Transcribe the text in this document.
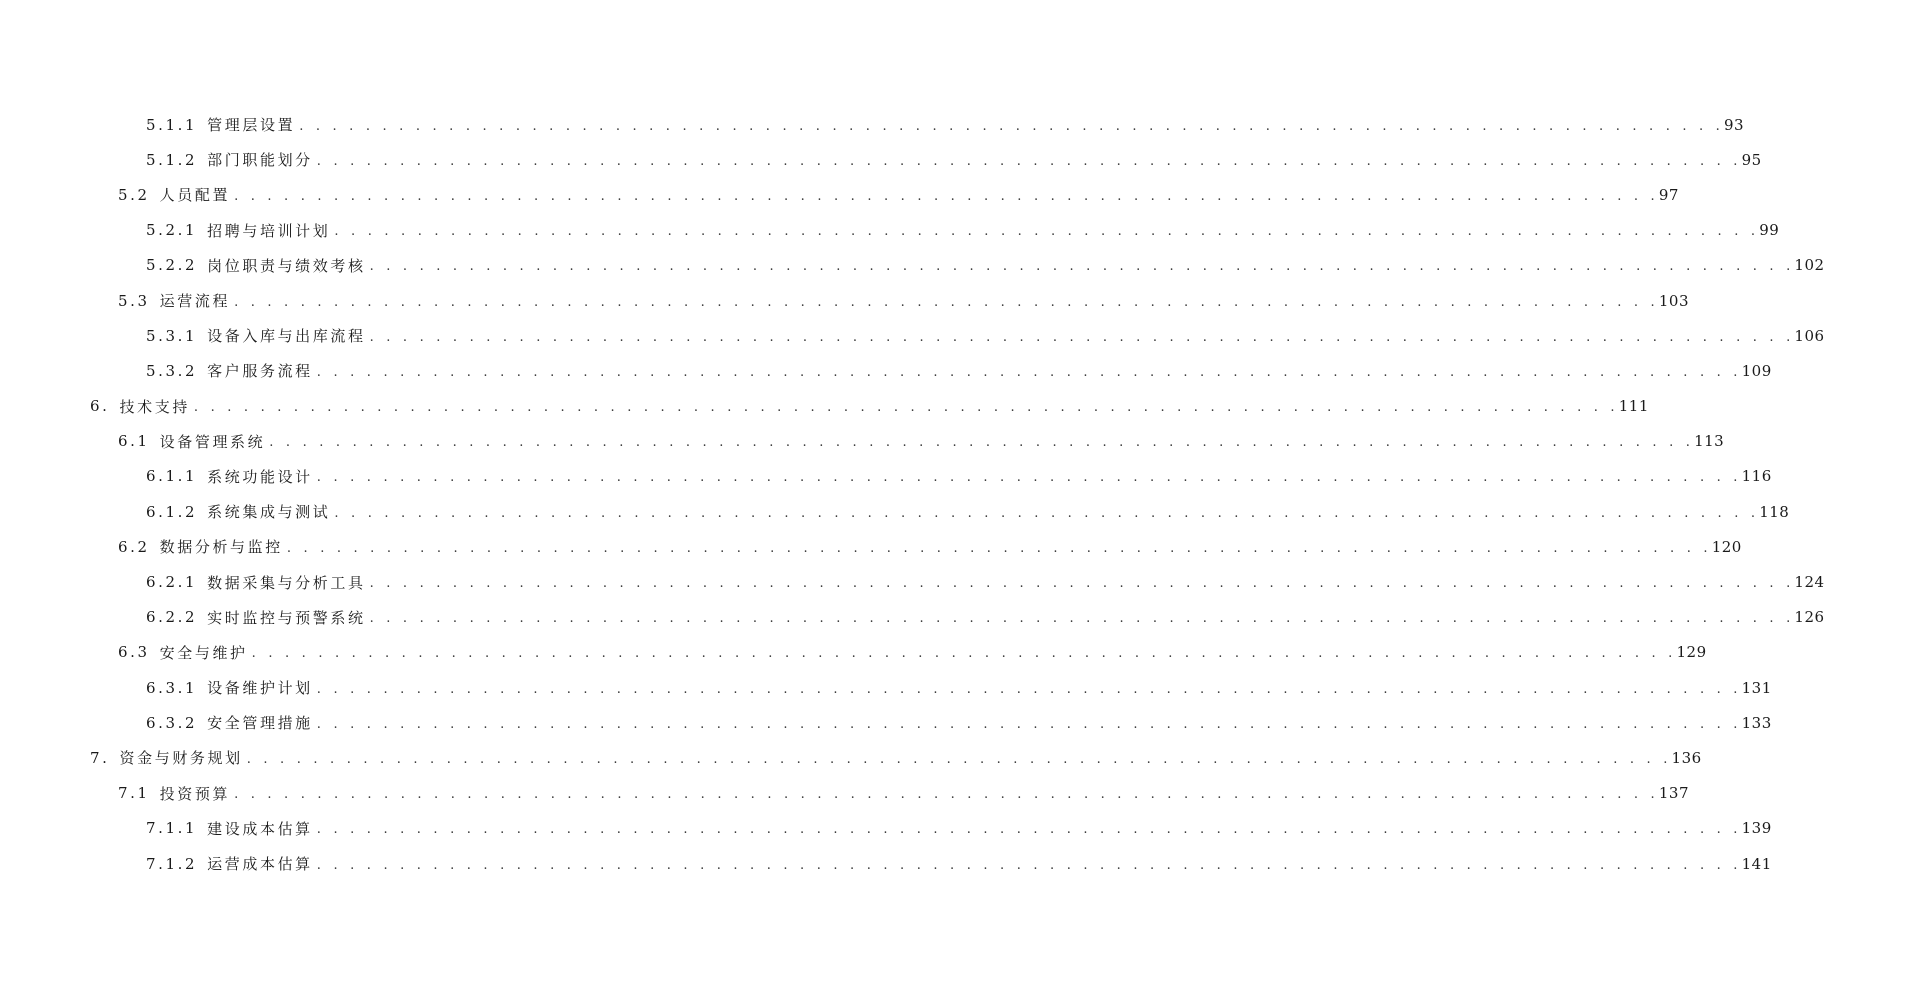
5.1.1 管理层设置 . . . . . . . . . . . . . . . . . . . . . . . . . . . . . . . . . . . . . . . . . . . . . . . . . . . . . . . . . . . . . . . . . . . . . . . . . . . . . . . . . . . . . . 93
5.1.2 部门职能划分 . . . . . . . . . . . . . . . . . . . . . . . . . . . . . . . . . . . . . . . . . . . . . . . . . . . . . . . . . . . . . . . . . . . . . . . . . . . . . . . . . . . . . . 95
5.2 人员配置 . . . . . . . . . . . . . . . . . . . . . . . . . . . . . . . . . . . . . . . . . . . . . . . . . . . . . . . . . . . . . . . . . . . . . . . . . . . . . . . . . . . . . . 97
5.2.1 招聘与培训计划 . . . . . . . . . . . . . . . . . . . . . . . . . . . . . . . . . . . . . . . . . . . . . . . . . . . . . . . . . . . . . . . . . . . . . . . . . . . . . . . . . . . . . . 99
5.2.2 岗位职责与绩效考核 . . . . . . . . . . . . . . . . . . . . . . . . . . . . . . . . . . . . . . . . . . . . . . . . . . . . . . . . . . . . . . . . . . . . . . . . . . . . . . . . . . . . . . 102
5.3 运营流程 . . . . . . . . . . . . . . . . . . . . . . . . . . . . . . . . . . . . . . . . . . . . . . . . . . . . . . . . . . . . . . . . . . . . . . . . . . . . . . . . . . . . . . 103
5.3.1 设备入库与出库流程 . . . . . . . . . . . . . . . . . . . . . . . . . . . . . . . . . . . . . . . . . . . . . . . . . . . . . . . . . . . . . . . . . . . . . . . . . . . . . . . . . . . . . . 106
5.3.2 客户服务流程 . . . . . . . . . . . . . . . . . . . . . . . . . . . . . . . . . . . . . . . . . . . . . . . . . . . . . . . . . . . . . . . . . . . . . . . . . . . . . . . . . . . . . . 109
6. 技术支持 . . . . . . . . . . . . . . . . . . . . . . . . . . . . . . . . . . . . . . . . . . . . . . . . . . . . . . . . . . . . . . . . . . . . . . . . . . . . . . . . . . . . . . 111
6.1 设备管理系统 . . . . . . . . . . . . . . . . . . . . . . . . . . . . . . . . . . . . . . . . . . . . . . . . . . . . . . . . . . . . . . . . . . . . . . . . . . . . . . . . . . . . . . 113
6.1.1 系统功能设计 . . . . . . . . . . . . . . . . . . . . . . . . . . . . . . . . . . . . . . . . . . . . . . . . . . . . . . . . . . . . . . . . . . . . . . . . . . . . . . . . . . . . . . 116
6.1.2 系统集成与测试 . . . . . . . . . . . . . . . . . . . . . . . . . . . . . . . . . . . . . . . . . . . . . . . . . . . . . . . . . . . . . . . . . . . . . . . . . . . . . . . . . . . . . . 118
6.2 数据分析与监控 . . . . . . . . . . . . . . . . . . . . . . . . . . . . . . . . . . . . . . . . . . . . . . . . . . . . . . . . . . . . . . . . . . . . . . . . . . . . . . . . . . . . . . 120
6.2.1 数据采集与分析工具 . . . . . . . . . . . . . . . . . . . . . . . . . . . . . . . . . . . . . . . . . . . . . . . . . . . . . . . . . . . . . . . . . . . . . . . . . . . . . . . . . . . . . . 124
6.2.2 实时监控与预警系统 . . . . . . . . . . . . . . . . . . . . . . . . . . . . . . . . . . . . . . . . . . . . . . . . . . . . . . . . . . . . . . . . . . . . . . . . . . . . . . . . . . . . . . 126
6.3 安全与维护 . . . . . . . . . . . . . . . . . . . . . . . . . . . . . . . . . . . . . . . . . . . . . . . . . . . . . . . . . . . . . . . . . . . . . . . . . . . . . . . . . . . . . . 129
6.3.1 设备维护计划 . . . . . . . . . . . . . . . . . . . . . . . . . . . . . . . . . . . . . . . . . . . . . . . . . . . . . . . . . . . . . . . . . . . . . . . . . . . . . . . . . . . . . . 131
6.3.2 安全管理措施 . . . . . . . . . . . . . . . . . . . . . . . . . . . . . . . . . . . . . . . . . . . . . . . . . . . . . . . . . . . . . . . . . . . . . . . . . . . . . . . . . . . . . . 133
7. 资金与财务规划 . . . . . . . . . . . . . . . . . . . . . . . . . . . . . . . . . . . . . . . . . . . . . . . . . . . . . . . . . . . . . . . . . . . . . . . . . . . . . . . . . . . . . . 136
7.1 投资预算 . . . . . . . . . . . . . . . . . . . . . . . . . . . . . . . . . . . . . . . . . . . . . . . . . . . . . . . . . . . . . . . . . . . . . . . . . . . . . . . . . . . . . . 137
7.1.1 建设成本估算 . . . . . . . . . . . . . . . . . . . . . . . . . . . . . . . . . . . . . . . . . . . . . . . . . . . . . . . . . . . . . . . . . . . . . . . . . . . . . . . . . . . . . . 139
7.1.2 运营成本估算 . . . . . . . . . . . . . . . . . . . . . . . . . . . . . . . . . . . . . . . . . . . . . . . . . . . . . . . . . . . . . . . . . . . . . . . . . . . . . . . . . . . . . . 141
